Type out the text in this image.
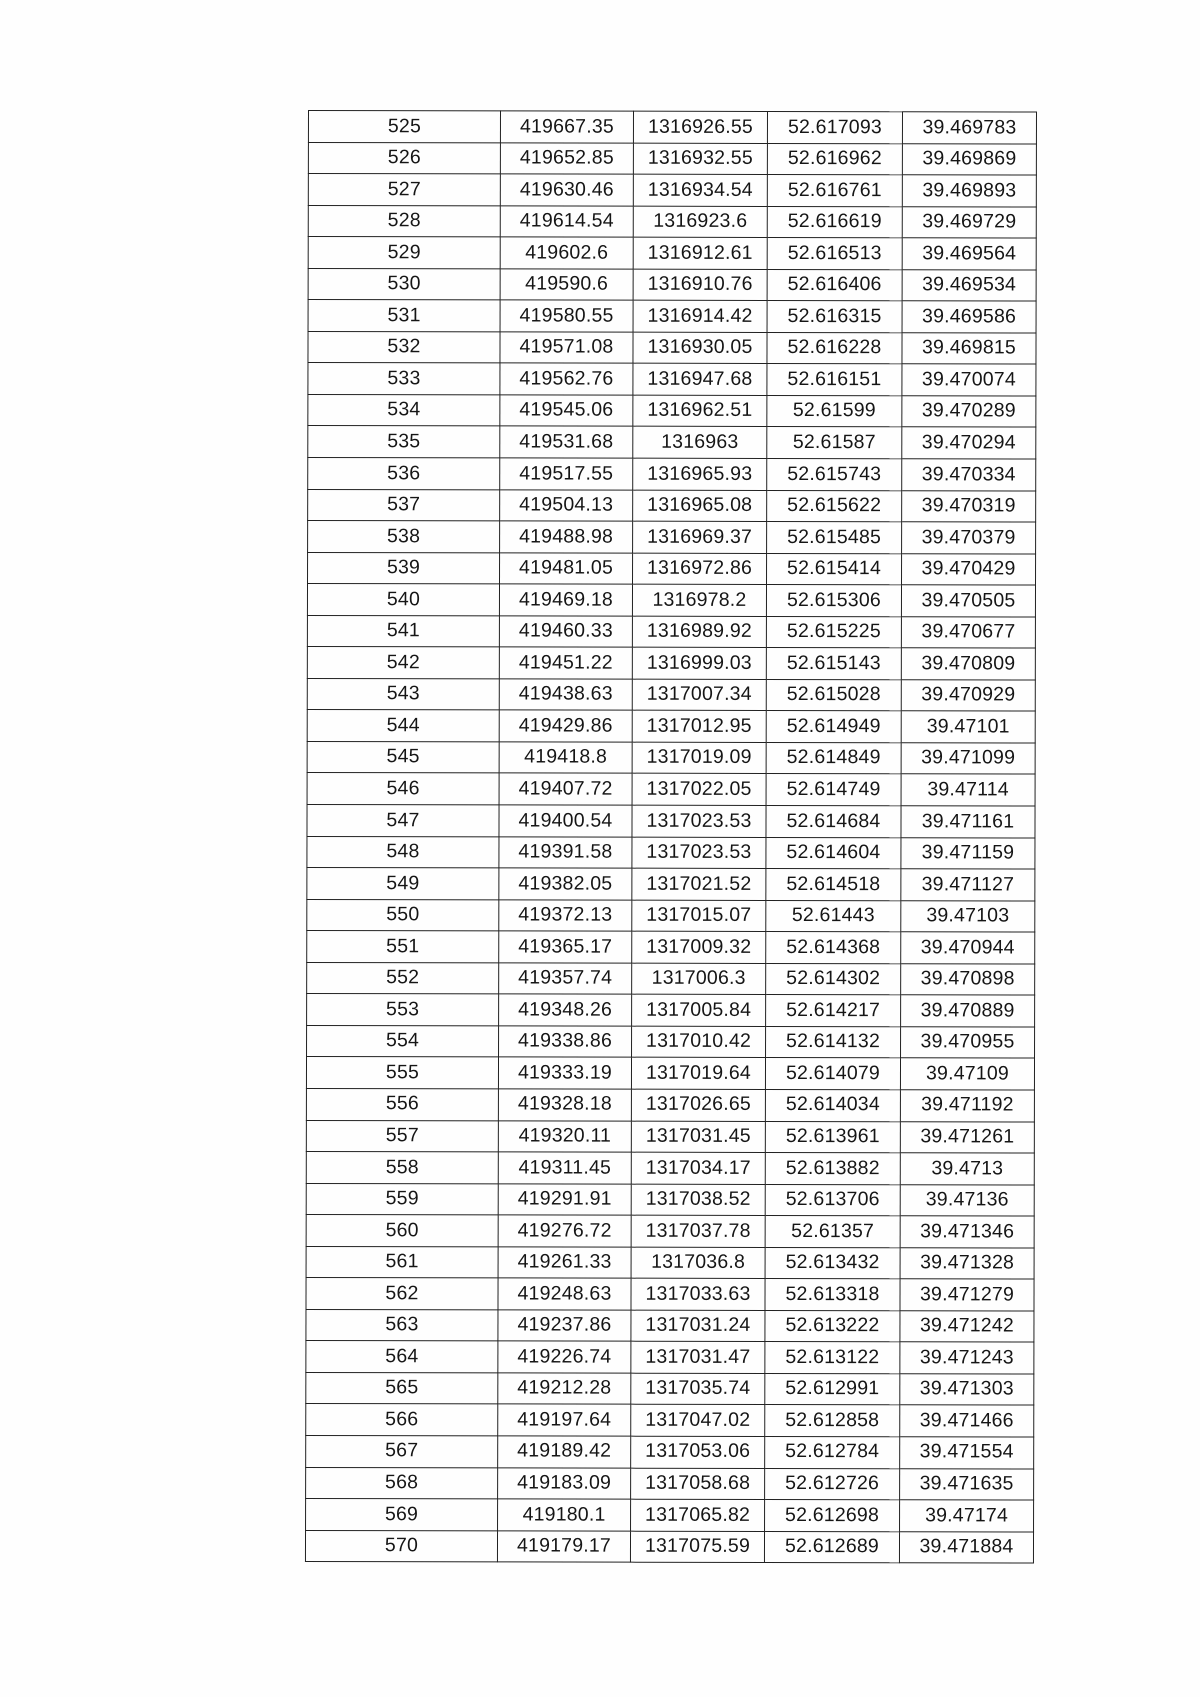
525	419667.35	1316926.55	52.617093	39.469783
526	419652.85	1316932.55	52.616962	39.469869
527	419630.46	1316934.54	52.616761	39.469893
528	419614.54	1316923.6	52.616619	39.469729
529	419602.6	1316912.61	52.616513	39.469564
530	419590.6	1316910.76	52.616406	39.469534
531	419580.55	1316914.42	52.616315	39.469586
532	419571.08	1316930.05	52.616228	39.469815
533	419562.76	1316947.68	52.616151	39.470074
534	419545.06	1316962.51	52.61599	39.470289
535	419531.68	1316963	52.61587	39.470294
536	419517.55	1316965.93	52.615743	39.470334
537	419504.13	1316965.08	52.615622	39.470319
538	419488.98	1316969.37	52.615485	39.470379
539	419481.05	1316972.86	52.615414	39.470429
540	419469.18	1316978.2	52.615306	39.470505
541	419460.33	1316989.92	52.615225	39.470677
542	419451.22	1316999.03	52.615143	39.470809
543	419438.63	1317007.34	52.615028	39.470929
544	419429.86	1317012.95	52.614949	39.47101
545	419418.8	1317019.09	52.614849	39.471099
546	419407.72	1317022.05	52.614749	39.47114
547	419400.54	1317023.53	52.614684	39.471161
548	419391.58	1317023.53	52.614604	39.471159
549	419382.05	1317021.52	52.614518	39.471127
550	419372.13	1317015.07	52.61443	39.47103
551	419365.17	1317009.32	52.614368	39.470944
552	419357.74	1317006.3	52.614302	39.470898
553	419348.26	1317005.84	52.614217	39.470889
554	419338.86	1317010.42	52.614132	39.470955
555	419333.19	1317019.64	52.614079	39.47109
556	419328.18	1317026.65	52.614034	39.471192
557	419320.11	1317031.45	52.613961	39.471261
558	419311.45	1317034.17	52.613882	39.4713
559	419291.91	1317038.52	52.613706	39.47136
560	419276.72	1317037.78	52.61357	39.471346
561	419261.33	1317036.8	52.613432	39.471328
562	419248.63	1317033.63	52.613318	39.471279
563	419237.86	1317031.24	52.613222	39.471242
564	419226.74	1317031.47	52.613122	39.471243
565	419212.28	1317035.74	52.612991	39.471303
566	419197.64	1317047.02	52.612858	39.471466
567	419189.42	1317053.06	52.612784	39.471554
568	419183.09	1317058.68	52.612726	39.471635
569	419180.1	1317065.82	52.612698	39.47174
570	419179.17	1317075.59	52.612689	39.471884
